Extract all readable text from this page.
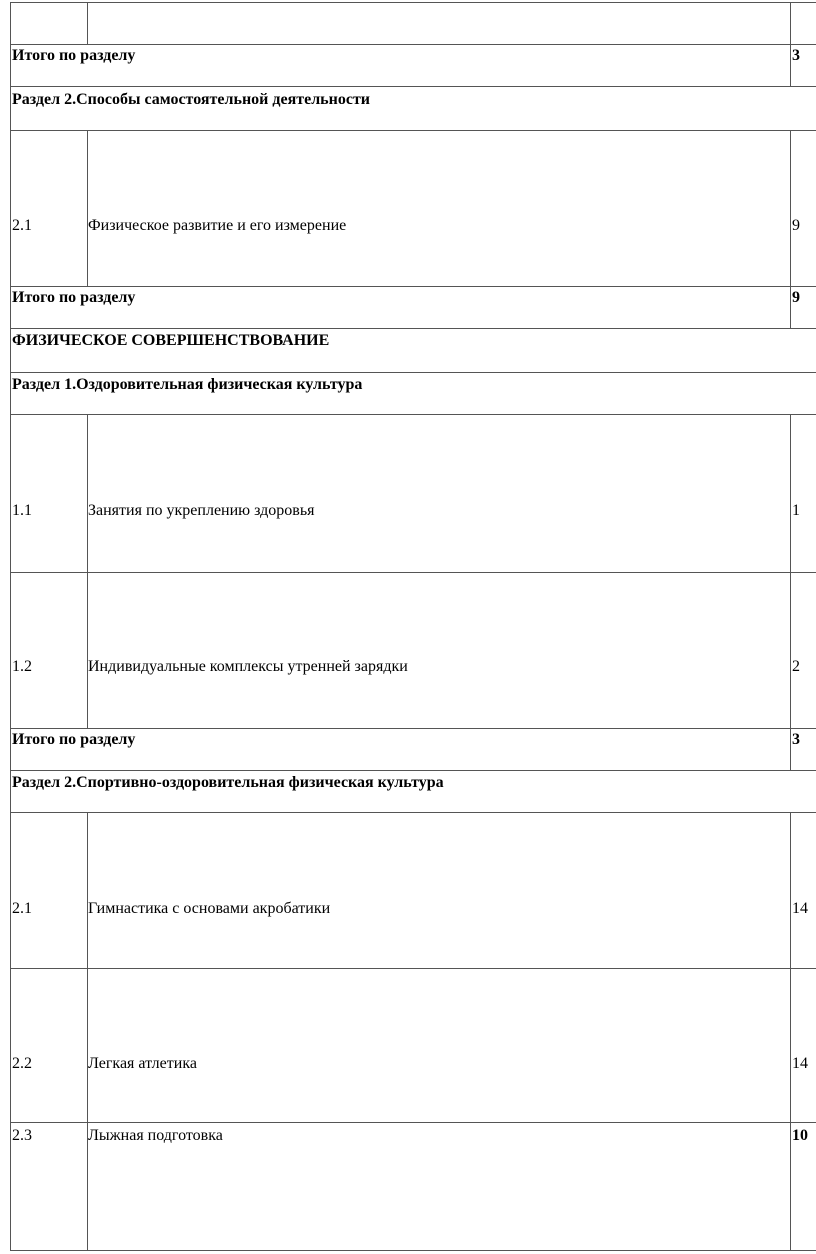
Итого по разделу	3
Раздел 2.Способы самостоятельной деятельности
2.1	Физическое развитие и его измерение	9
Итого по разделу	9
ФИЗИЧЕСКОЕ СОВЕРШЕНСТВОВАНИЕ
Раздел 1.Оздоровительная физическая культура
1.1	Занятия по укреплению здоровья	1
1.2	Индивидуальные комплексы утренней зарядки	2
Итого по разделу	3
Раздел 2.Спортивно-оздоровительная физическая культура
2.1	Гимнастика с основами акробатики	14
2.2	Легкая атлетика	14
2.3	Лыжная подготовка	10
